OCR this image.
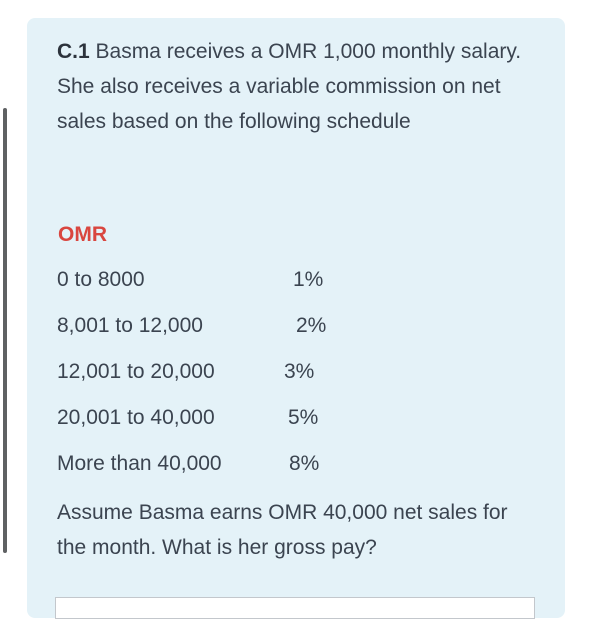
C.1 Basma receives a OMR 1,000 monthly salary. She also receives a variable commission on net sales based on the following schedule
OMR
0 to 8000	1%
8,001 to 12,000	2%
12,001 to 20,000	3%
20,001 to 40,000	5%
More than 40,000	8%
Assume Basma earns OMR 40,000 net sales for the month. What is her gross pay?
